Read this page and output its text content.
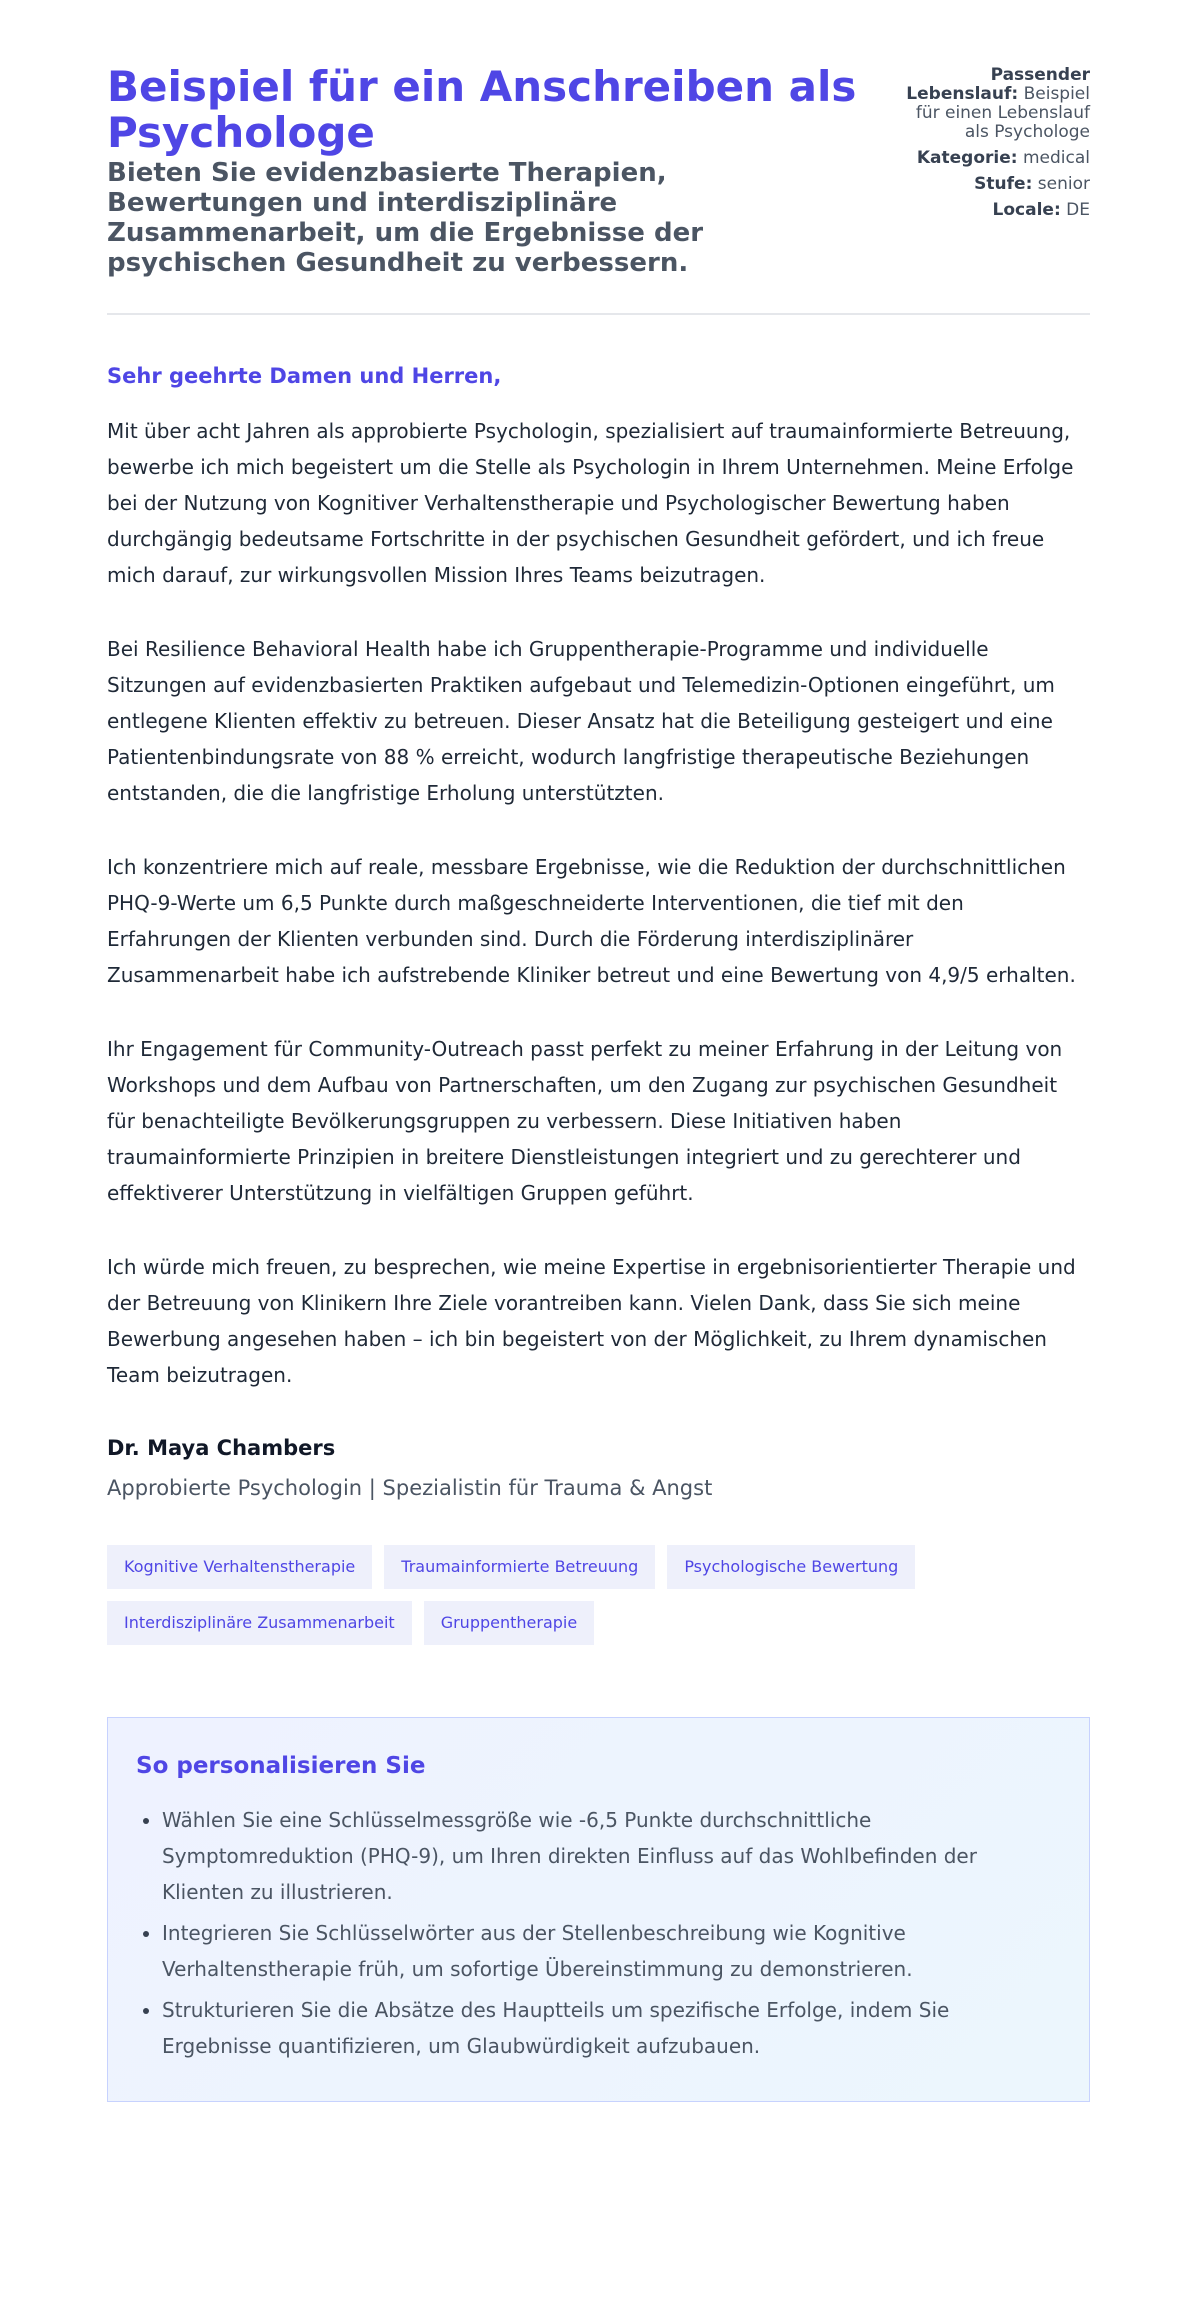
Beispiel für ein Anschreiben als Psychologe
Bieten Sie evidenzbasierte Therapien, Bewertungen und interdisziplinäre Zusammenarbeit, um die Ergebnisse der psychischen Gesundheit zu verbessern.
Passender Lebenslauf: Beispiel für einen Lebenslauf als Psychologe
Kategorie: medical
Stufe: senior
Locale: DE

Sehr geehrte Damen und Herren,

Mit über acht Jahren als approbierte Psychologin, spezialisiert auf traumainformierte Betreuung, bewerbe ich mich begeistert um die Stelle als Psychologin in Ihrem Unternehmen. Meine Erfolge bei der Nutzung von Kognitiver Verhaltenstherapie und Psychologischer Bewertung haben durchgängig bedeutsame Fortschritte in der psychischen Gesundheit gefördert, und ich freue mich darauf, zur wirkungsvollen Mission Ihres Teams beizutragen.

Bei Resilience Behavioral Health habe ich Gruppentherapie-Programme und individuelle Sitzungen auf evidenzbasierten Praktiken aufgebaut und Telemedizin-Optionen eingeführt, um entlegene Klienten effektiv zu betreuen. Dieser Ansatz hat die Beteiligung gesteigert und eine Patientenbindungsrate von 88 % erreicht, wodurch langfristige therapeutische Beziehungen entstanden, die die langfristige Erholung unterstützten.

Ich konzentriere mich auf reale, messbare Ergebnisse, wie die Reduktion der durchschnittlichen PHQ-9-Werte um 6,5 Punkte durch maßgeschneiderte Interventionen, die tief mit den Erfahrungen der Klienten verbunden sind. Durch die Förderung interdisziplinärer Zusammenarbeit habe ich aufstrebende Kliniker betreut und eine Bewertung von 4,9/5 erhalten.

Ihr Engagement für Community-Outreach passt perfekt zu meiner Erfahrung in der Leitung von Workshops und dem Aufbau von Partnerschaften, um den Zugang zur psychischen Gesundheit für benachteiligte Bevölkerungsgruppen zu verbessern. Diese Initiativen haben traumainformierte Prinzipien in breitere Dienstleistungen integriert und zu gerechterer und effektiverer Unterstützung in vielfältigen Gruppen geführt.

Ich würde mich freuen, zu besprechen, wie meine Expertise in ergebnisorientierter Therapie und der Betreuung von Klinikern Ihre Ziele vorantreiben kann. Vielen Dank, dass Sie sich meine Bewerbung angesehen haben – ich bin begeistert von der Möglichkeit, zu Ihrem dynamischen Team beizutragen.

Dr. Maya Chambers

Approbierte Psychologin | Spezialistin für Trauma & Angst

Kognitive Verhaltenstherapie	Traumainformierte Betreuung	Psychologische Bewertung
Interdisziplinäre Zusammenarbeit	Gruppentherapie
So personalisieren Sie
• Wählen Sie eine Schlüsselmessgröße wie -6,5 Punkte durchschnittliche Symptomreduktion (PHQ-9), um Ihren direkten Einfluss auf das Wohlbefinden der Klienten zu illustrieren.
• Integrieren Sie Schlüsselwörter aus der Stellenbeschreibung wie Kognitive Verhaltenstherapie früh, um sofortige Übereinstimmung zu demonstrieren.
• Strukturieren Sie die Absätze des Hauptteils um spezifische Erfolge, indem Sie Ergebnisse quantifizieren, um Glaubwürdigkeit aufzubauen.
